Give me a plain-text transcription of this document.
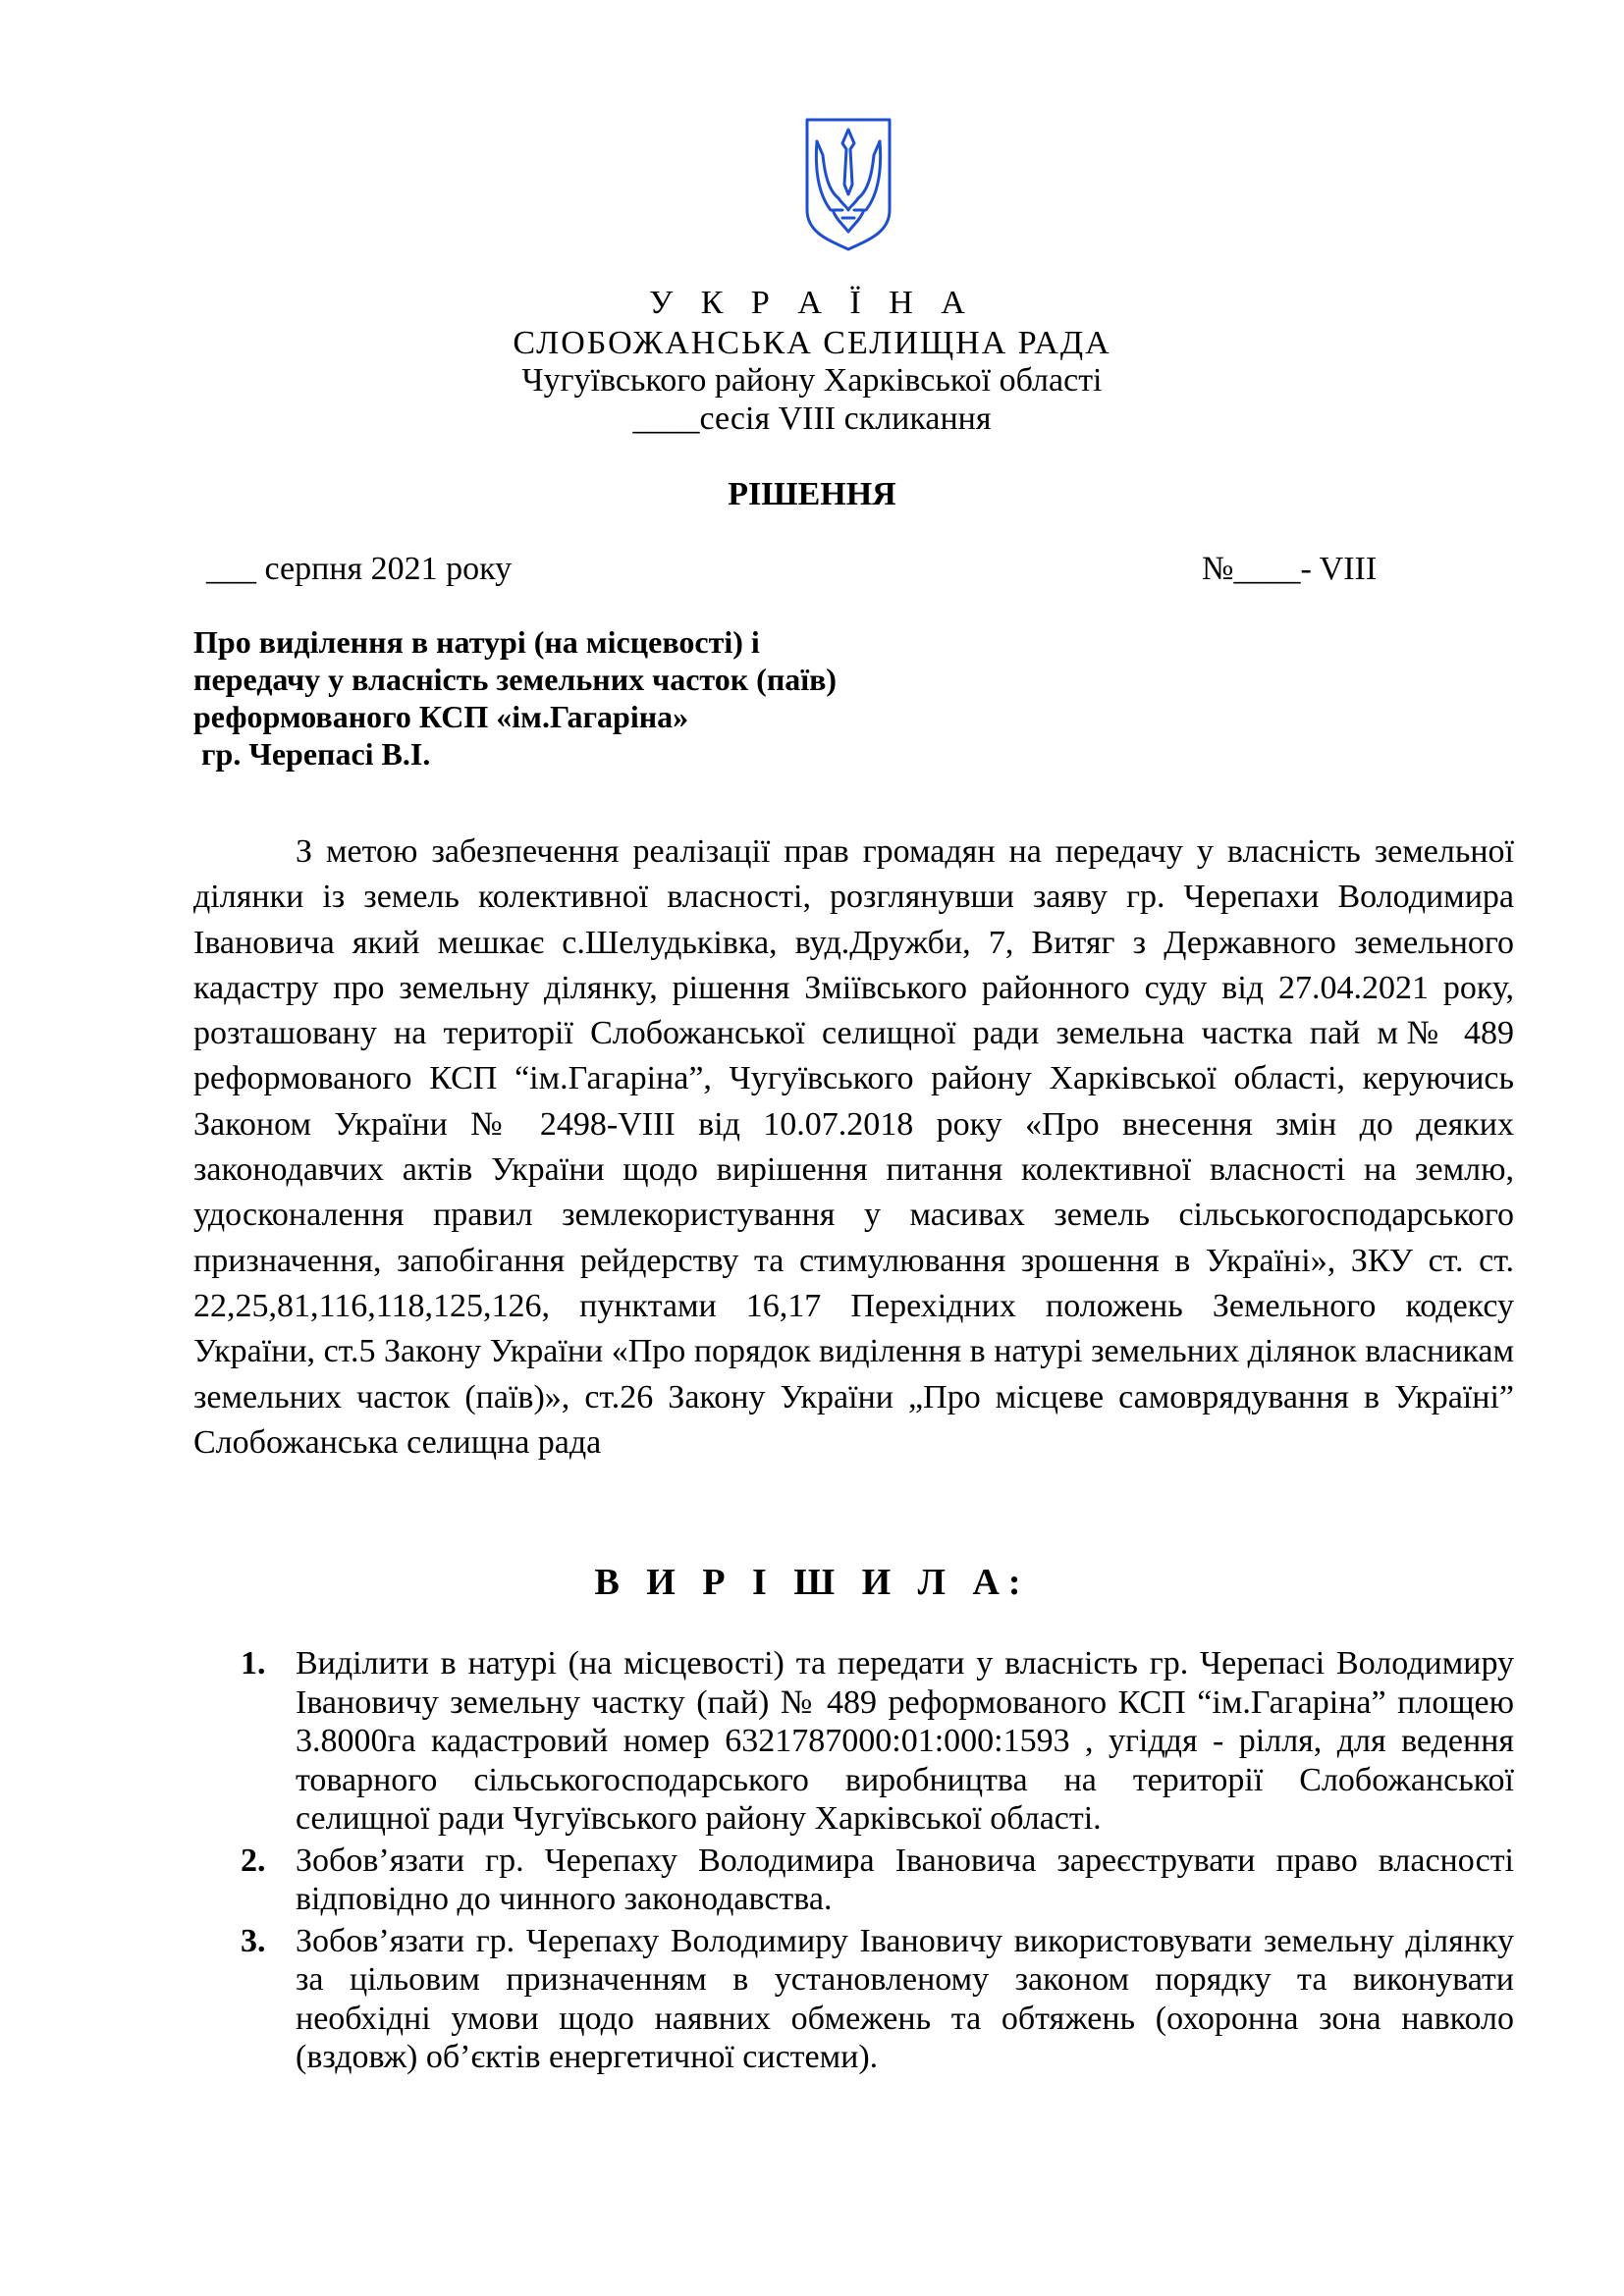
У К Р А Ї Н А
СЛОБОЖАНСЬКА СЕЛИЩНА РАДА
Чугуївського району Харківської області
____сесія VIII скликання
РІШЕННЯ
___ серпня 2021 року	№____- VIII
Про виділення в натурі (на місцевості) і
передачу у власність земельних часток (паїв)
реформованого КСП «ім.Гагаріна»
гр. Черепасі В.І.

З метою забезпечення реалізації прав громадян на передачу у власність земельної ділянки із земель колективної власності, розглянувши заяву гр. Черепахи Володимира Івановича який мешкає с.Шелудьківка, вуд.Дружби, 7, Витяг з Державного земельного кадастру про земельну ділянку, рішення Зміївського районного суду від 27.04.2021 року, розташовану на території Слобожанської селищної ради земельна частка пай м№ 489 реформованого КСП “ім.Гагаріна”, Чугуївського району Харківської області, керуючись Законом України № 2498-VIII від 10.07.2018 року «Про внесення змін до деяких законодавчих актів України щодо вирішення питання колективної власності на землю, удосконалення правил землекористування у масивах земель сільськогосподарського призначення, запобігання рейдерству та стимулювання зрошення в Україні», ЗКУ ст. ст. 22,25,81,116,118,125,126, пунктами 16,17 Перехідних положень Земельного кодексу України, ст.5 Закону України «Про порядок виділення в натурі земельних ділянок власникам земельних часток (паїв)», ст.26 Закону України „Про місцеве самоврядування в Україні” Слобожанська селищна рада

В И Р І Ш И Л А:
1. Виділити в натурі (на місцевості) та передати у власність гр. Черепасі Володимиру Івановичу земельну частку (пай) № 489 реформованого КСП “ім.Гагаріна” площею 3.8000га кадастровий номер 6321787000:01:000:1593 , угіддя - рілля, для ведення товарного сільськогосподарського виробництва на території Слобожанської селищної ради Чугуївського району Харківської області.
2. Зобов’язати гр. Черепаху Володимира Івановича зареєструвати право власності відповідно до чинного законодавства.
3. Зобов’язати гр. Черепаху Володимиру Івановичу використовувати земельну ділянку за цільовим призначенням в установленому законом порядку та виконувати необхідні умови щодо наявних обмежень та обтяжень (охоронна зона навколо (вздовж) об’єктів енергетичної системи).
